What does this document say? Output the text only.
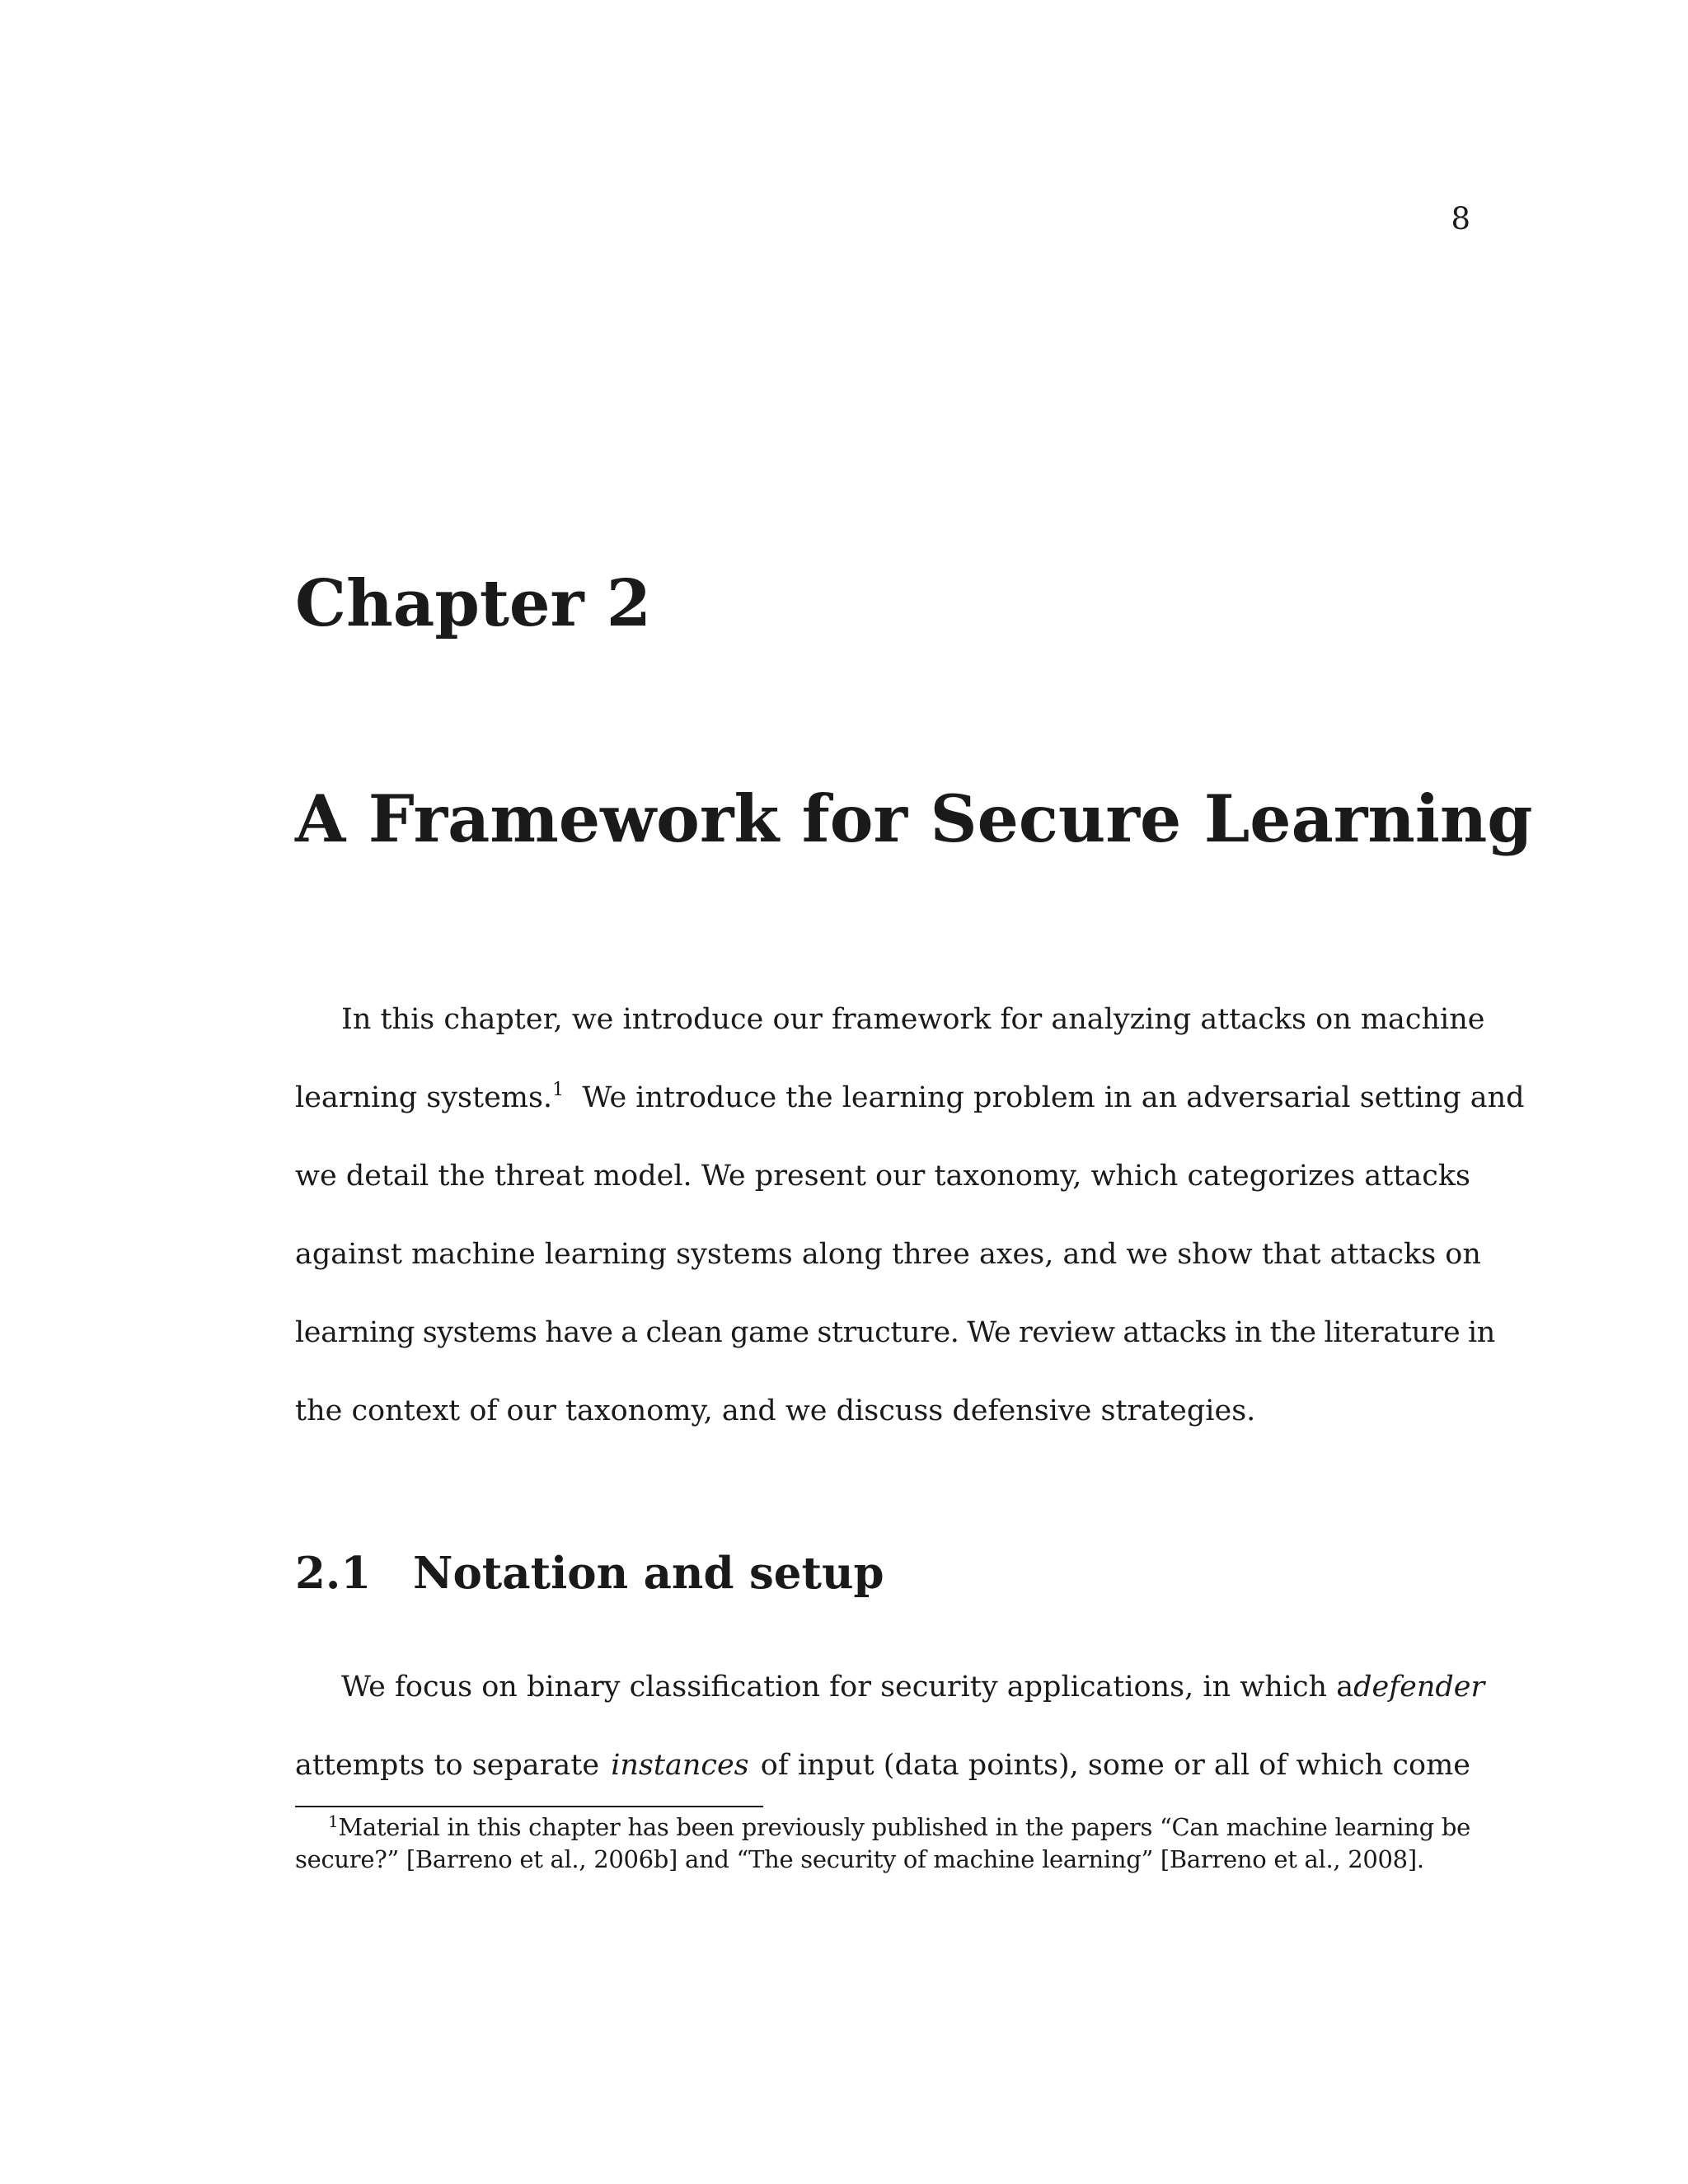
8
Chapter 2
A Framework for Secure Learning
In this chapter, we introduce our framework for analyzing attacks on machine
learning systems.$^1$ We introduce the learning problem in an adversarial setting and
we detail the threat model. We present our taxonomy, which categorizes attacks
against machine learning systems along three axes, and we show that attacks on
learning systems have a clean game structure. We review attacks in the literature in
the context of our taxonomy, and we discuss defensive strategies.
2.1 Notation and setup
We focus on binary classification for security applications, in which a defender
attempts to separate instances of input (data points), some or all of which come
$^1$Material in this chapter has been previously published in the papers “Can machine learning be
secure?” [Barreno et al., 2006b] and “The security of machine learning” [Barreno et al., 2008].
